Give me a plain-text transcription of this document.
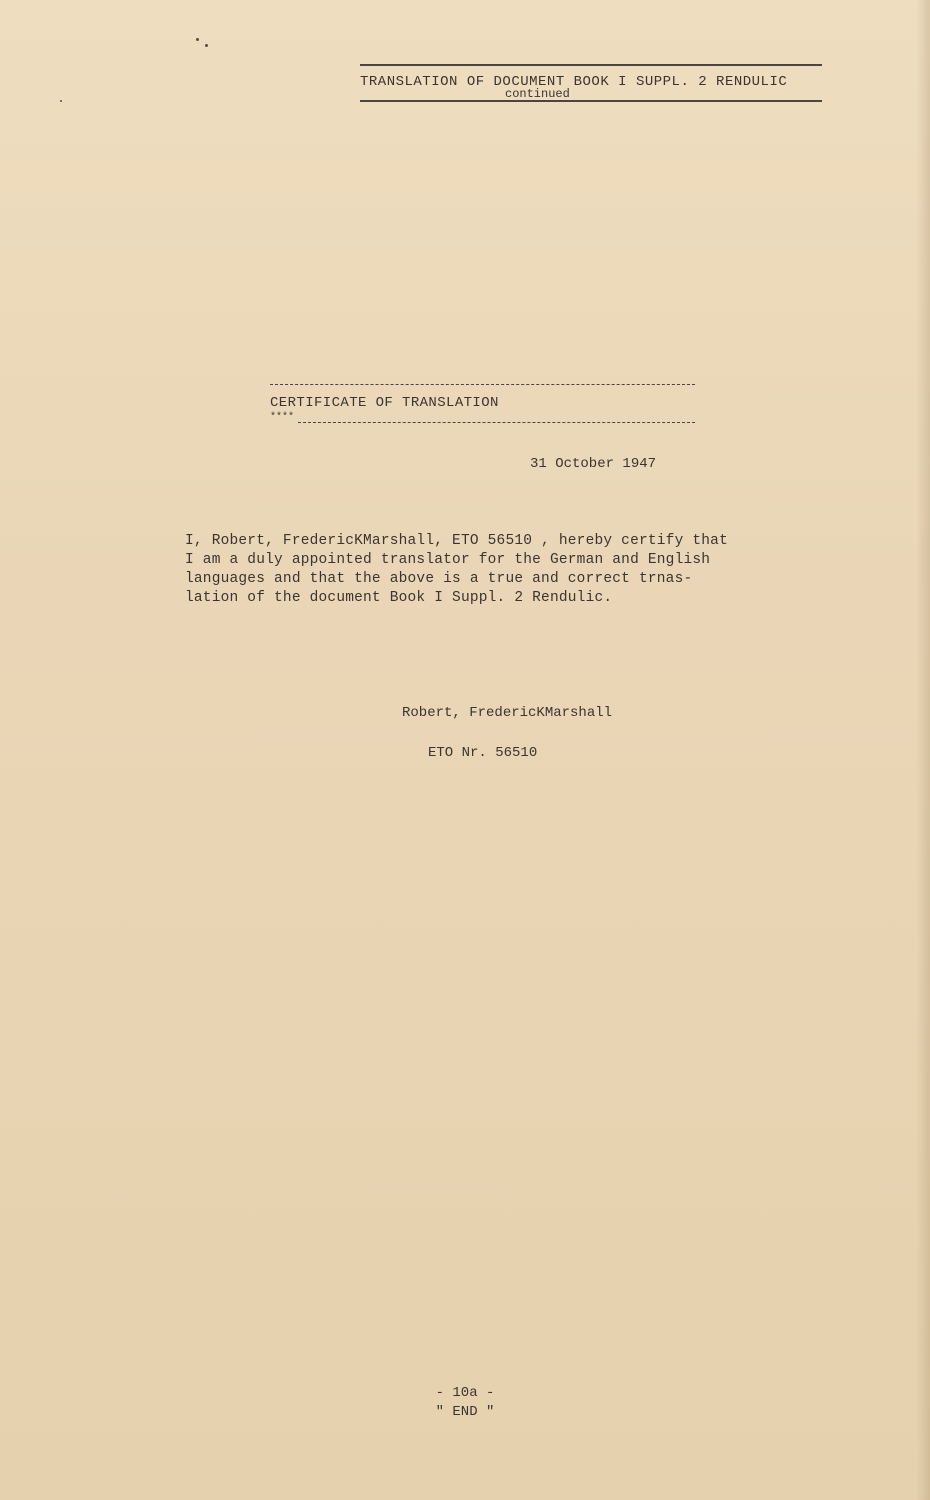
TRANSLATION OF DOCUMENT BOOK I SUPPL. 2 RENDULIC
continued
CERTIFICATE OF TRANSLATION
****
31 October 1947
I, Robert, FredericKMarshall, ETO 56510 , hereby certify that
I am a duly appointed translator for the German and English
languages and that the above is a true and correct trnas-
lation of the document Book I Suppl. 2 Rendulic.
Robert, FredericKMarshall
ETO Nr. 56510
- 10a -
" END "
